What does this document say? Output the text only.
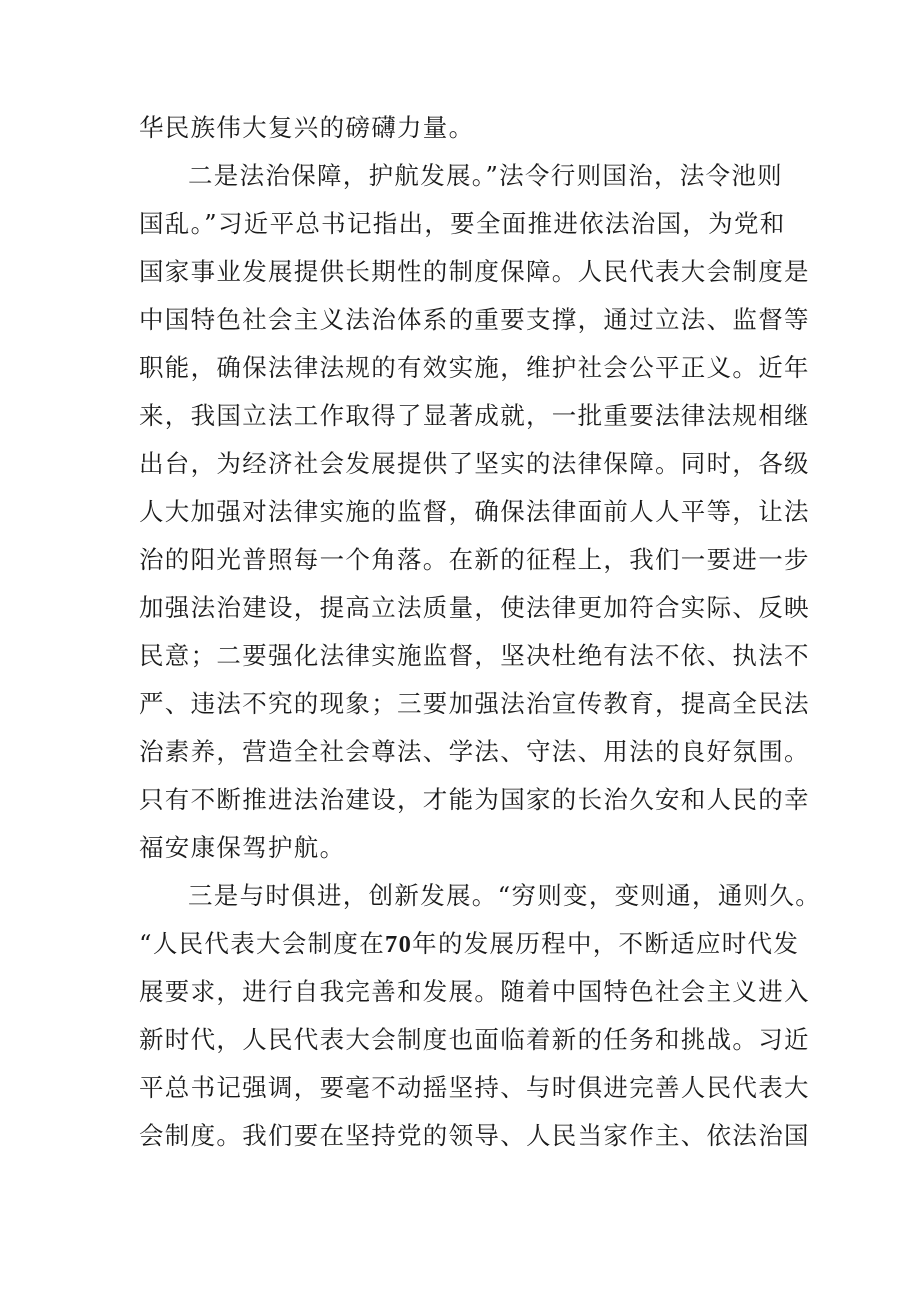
华民族伟大复兴的磅礴力量。
二是法治保障，护航发展。”法令行则国治，法令池则
国乱。”习近平总书记指出，要全面推进依法治国，为党和
国家事业发展提供长期性的制度保障。人民代表大会制度是
中国特色社会主义法治体系的重要支撑，通过立法、监督等
职能，确保法律法规的有效实施，维护社会公平正义。近年
来，我国立法工作取得了显著成就，一批重要法律法规相继
出台，为经济社会发展提供了坚实的法律保障。同时，各级
人大加强对法律实施的监督，确保法律面前人人平等，让法
治的阳光普照每一个角落。在新的征程上，我们一要进一步
加强法治建设，提高立法质量，使法律更加符合实际、反映
民意；二要强化法律实施监督，坚决杜绝有法不依、执法不
严、违法不究的现象；三要加强法治宣传教育，提高全民法
治素养，营造全社会尊法、学法、守法、用法的良好氛围。
只有不断推进法治建设，才能为国家的长治久安和人民的幸
福安康保驾护航。
三是与时俱进，创新发展。“穷则变，变则通，通则久。
“人民代表大会制度在70年的发展历程中，不断适应时代发
展要求，进行自我完善和发展。随着中国特色社会主义进入
新时代，人民代表大会制度也面临着新的任务和挑战。习近
平总书记强调，要毫不动摇坚持、与时俱进完善人民代表大
会制度。我们要在坚持党的领导、人民当家作主、依法治国
